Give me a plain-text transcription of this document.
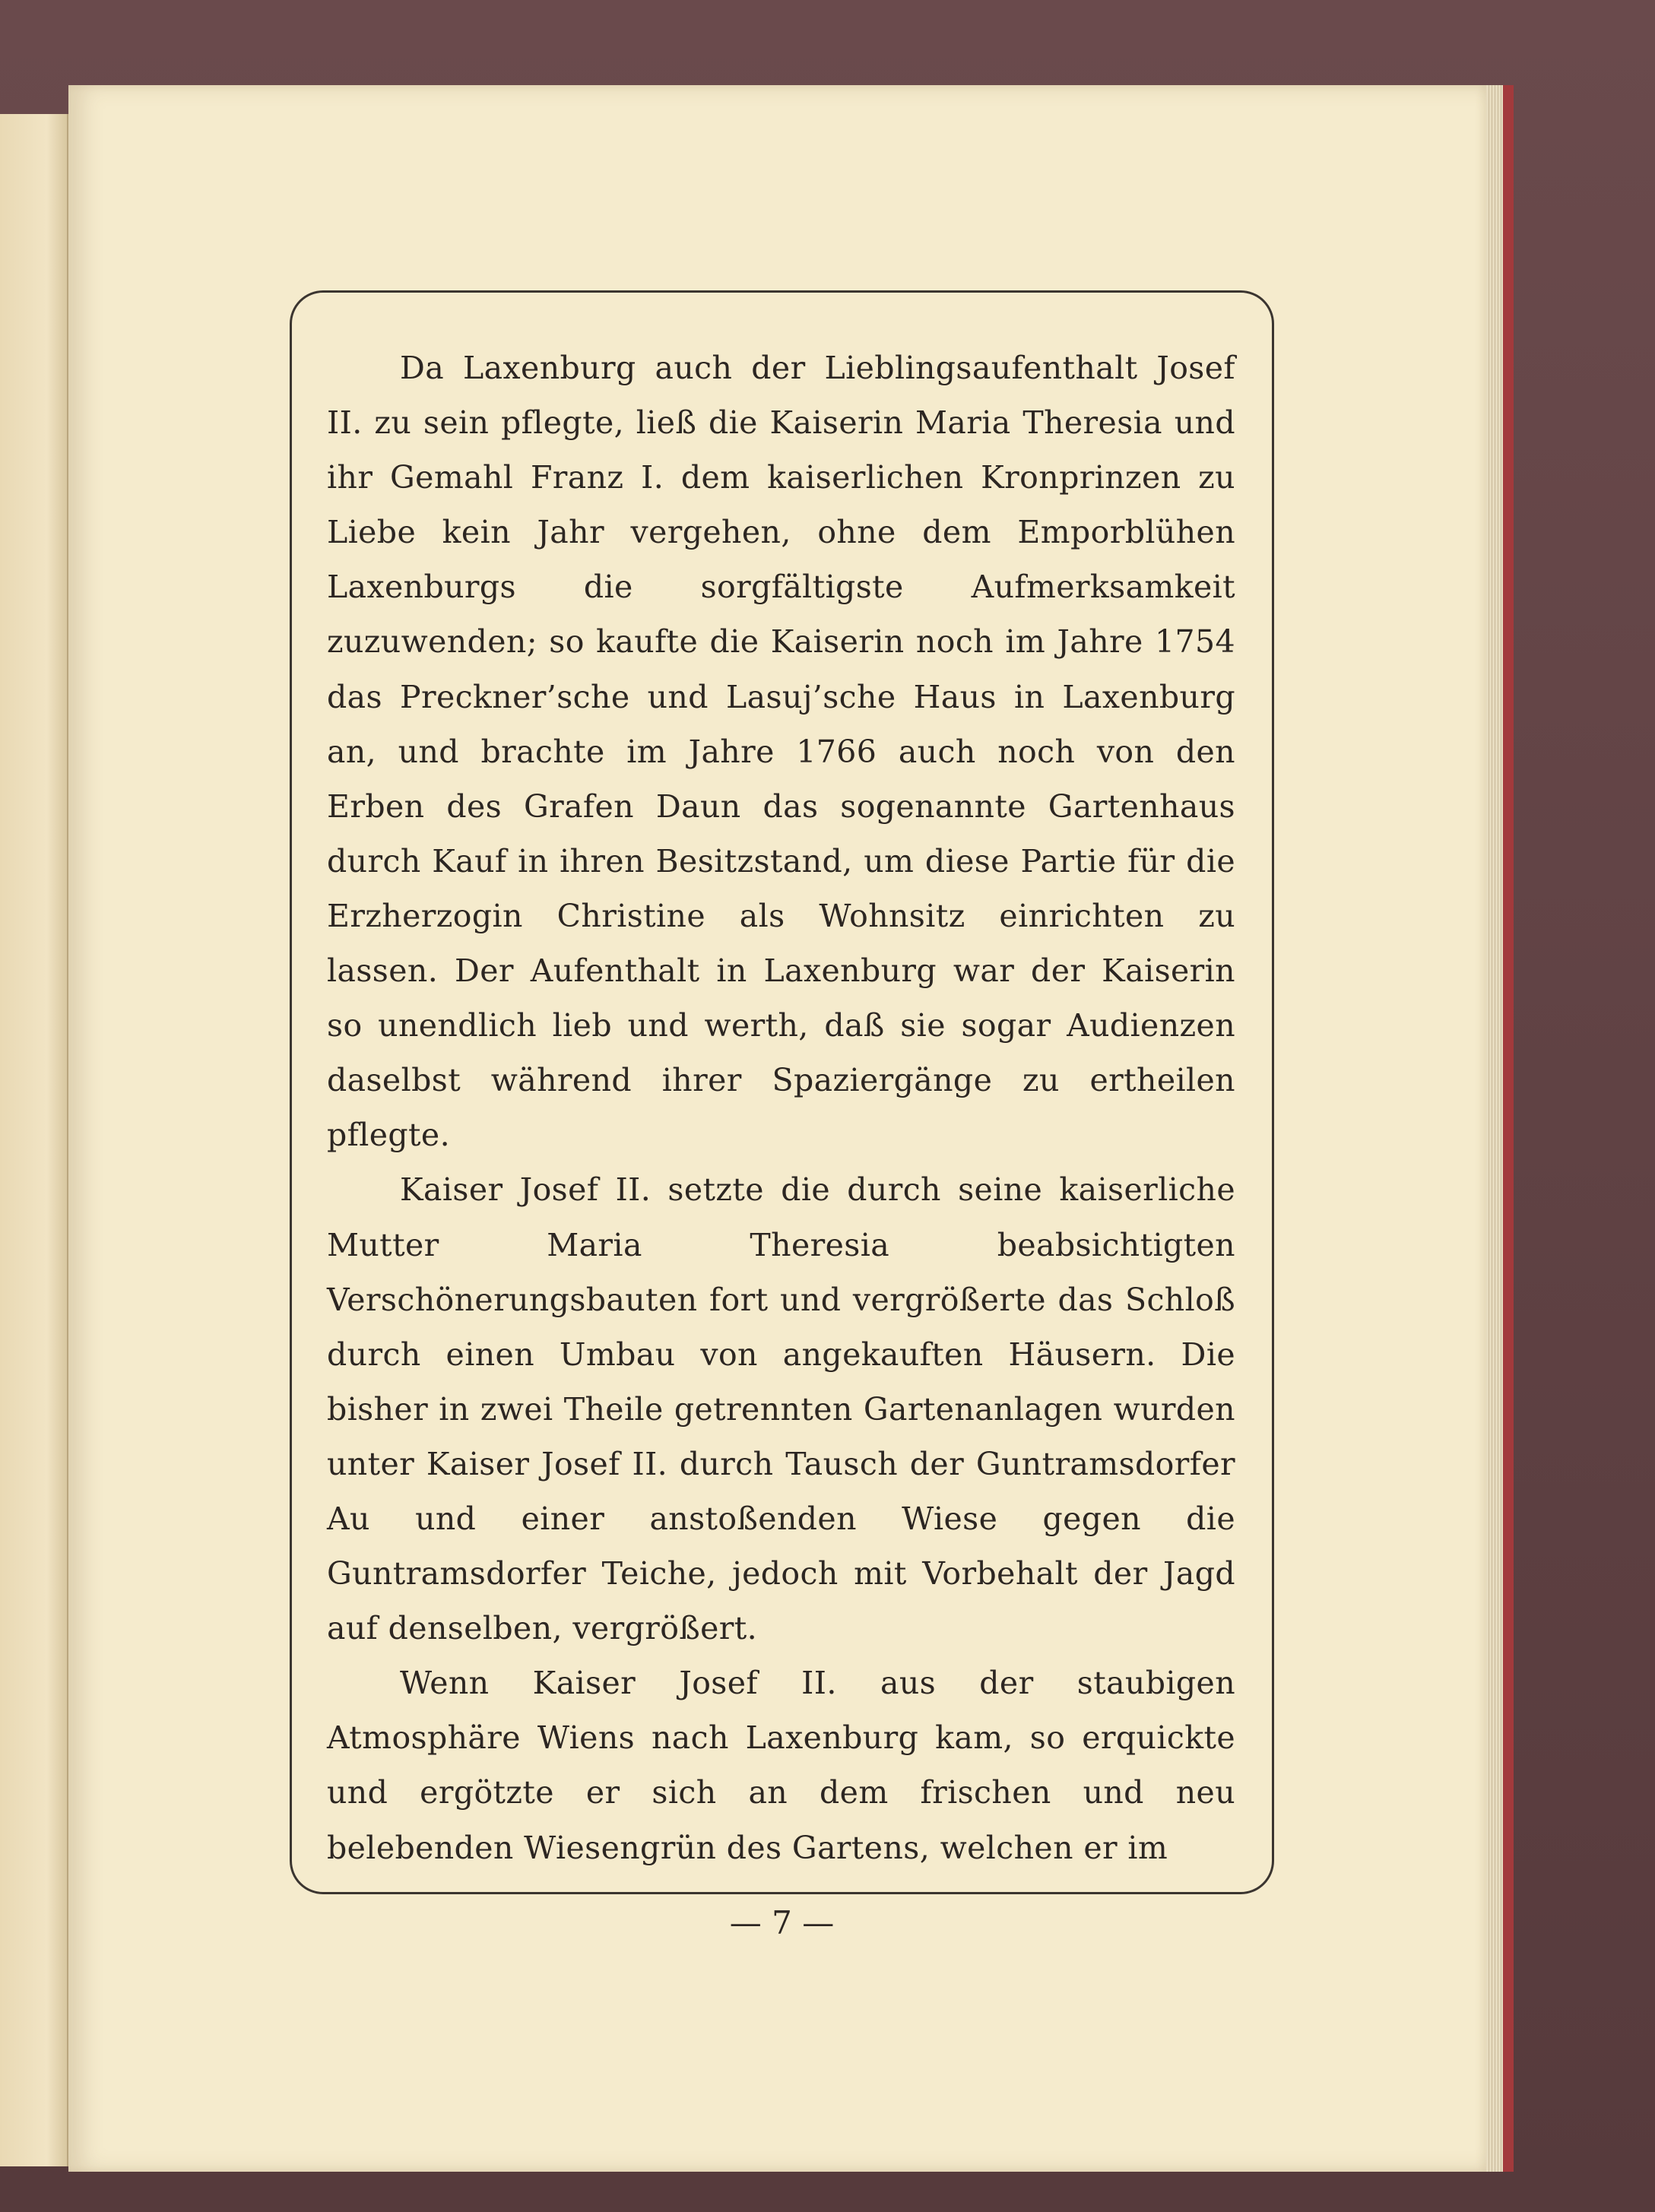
Da Laxenburg auch der Lieblingsaufenthalt Josef II. zu sein pflegte, ließ die Kaiserin Maria Theresia und ihr Gemahl Franz I. dem kaiserlichen Kronprinzen zu Liebe kein Jahr vergehen, ohne dem Emporblühen Laxenburgs die sorgfältigste Aufmerksamkeit zuzuwenden; so kaufte die Kaiserin noch im Jahre 1754 das Preckner’sche und Lasuj’sche Haus in Laxenburg an, und brachte im Jahre 1766 auch noch von den Erben des Grafen Daun das sogenannte Gartenhaus durch Kauf in ihren Besitzstand, um diese Partie für die Erzherzogin Christine als Wohnsitz einrichten zu lassen. Der Aufenthalt in Laxenburg war der Kaiserin so unendlich lieb und werth, daß sie sogar Audienzen daselbst während ihrer Spaziergänge zu ertheilen pflegte.

Kaiser Josef II. setzte die durch seine kaiserliche Mutter Maria Theresia beabsichtigten Verschönerungsbauten fort und vergrößerte das Schloß durch einen Umbau von angekauften Häusern. Die bisher in zwei Theile getrennten Gartenanlagen wurden unter Kaiser Josef II. durch Tausch der Guntramsdorfer Au und einer anstoßenden Wiese gegen die Guntramsdorfer Teiche, jedoch mit Vorbehalt der Jagd auf denselben, vergrößert.

Wenn Kaiser Josef II. aus der staubigen Atmosphäre Wiens nach Laxenburg kam, so erquickte und ergötzte er sich an dem frischen und neu belebenden Wiesengrün des Gartens, welchen er im

— 7 —
